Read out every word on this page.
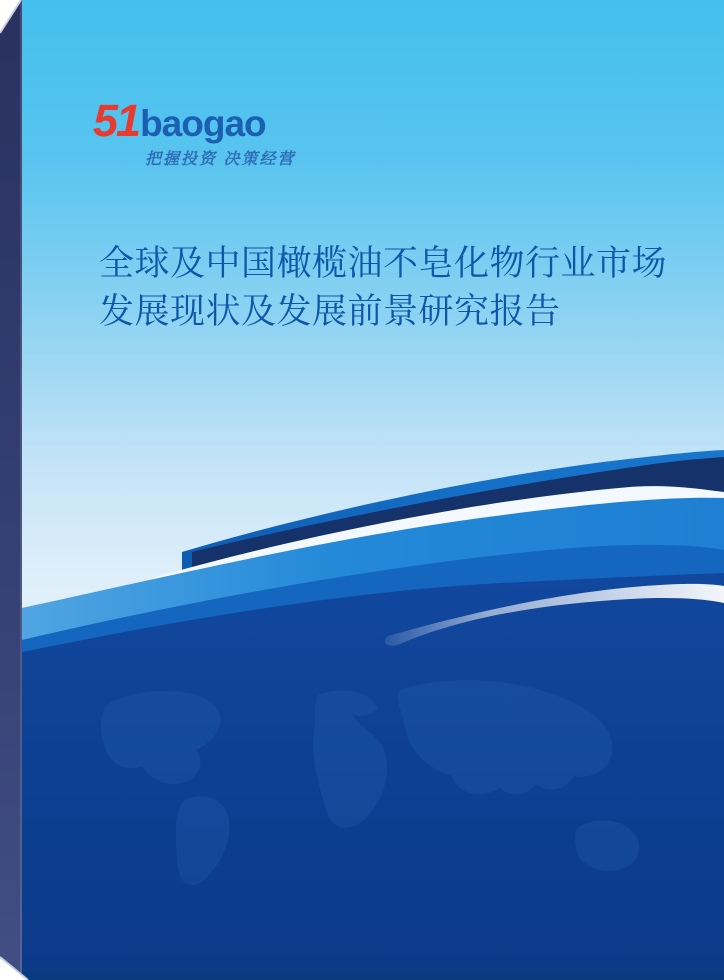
51 baogao
把握投资 决策经营
全球及中国橄榄油不皂化物行业市场
发展现状及发展前景研究报告
